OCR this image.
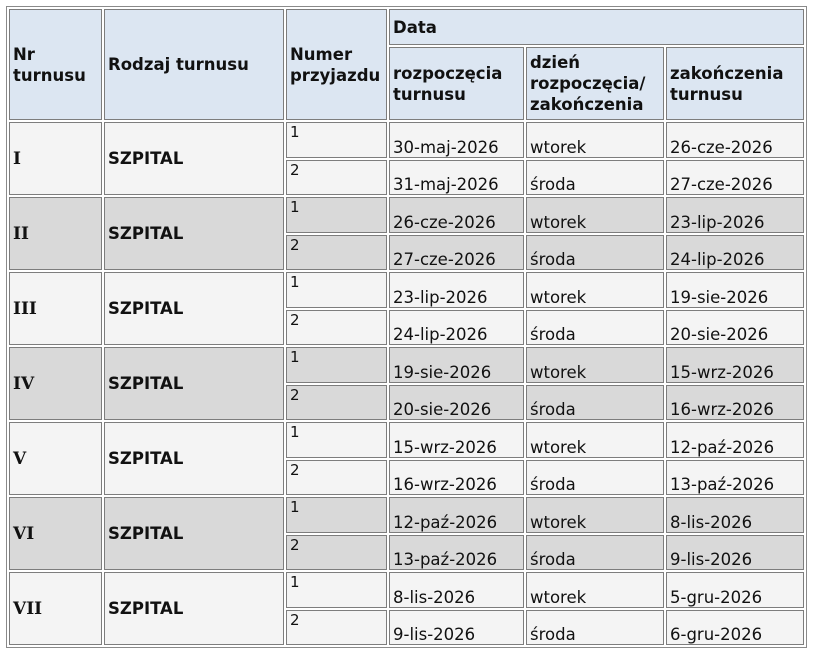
Nr turnusu	Rodzaj turnusu	Numer przyjazdu	Data		
			rozpoczęcia turnusu	dzień rozpoczęcia/ zakończenia	zakończenia turnusu
I	SZPITAL	1	30-maj-2026	wtorek	26-cze-2026
		2	31-maj-2026	środa	27-cze-2026
II	SZPITAL	1	26-cze-2026	wtorek	23-lip-2026
		2	27-cze-2026	środa	24-lip-2026
III	SZPITAL	1	23-lip-2026	wtorek	19-sie-2026
		2	24-lip-2026	środa	20-sie-2026
IV	SZPITAL	1	19-sie-2026	wtorek	15-wrz-2026
		2	20-sie-2026	środa	16-wrz-2026
V	SZPITAL	1	15-wrz-2026	wtorek	12-paź-2026
		2	16-wrz-2026	środa	13-paź-2026
VI	SZPITAL	1	12-paź-2026	wtorek	8-lis-2026
		2	13-paź-2026	środa	9-lis-2026
VII	SZPITAL	1	8-lis-2026	wtorek	5-gru-2026
		2	9-lis-2026	środa	6-gru-2026
